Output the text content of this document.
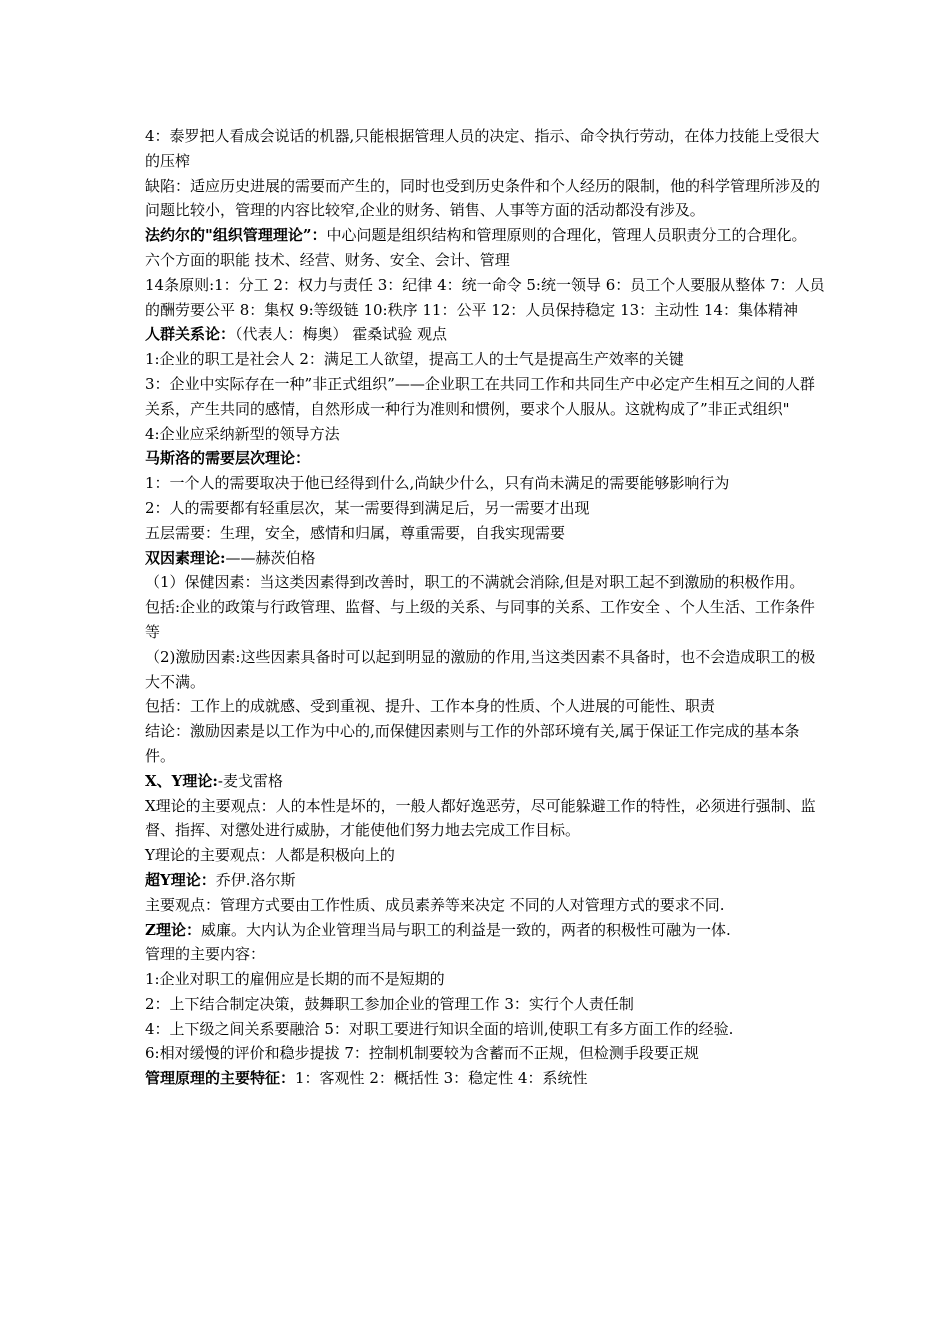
4：泰罗把人看成会说话的机器,只能根据管理人员的决定、指示、命令执行劳动，在体力技能上受很大的压榨

缺陷：适应历史进展的需要而产生的，同时也受到历史条件和个人经历的限制，他的科学管理所涉及的问题比较小，管理的内容比较窄,企业的财务、销售、人事等方面的活动都没有涉及。

法约尔的"组织管理理论”：中心问题是组织结构和管理原则的合理化，管理人员职责分工的合理化。

六个方面的职能 技术、经营、财务、安全、会计、管理

14条原则:1：分工 2：权力与责任 3：纪律 4：统一命令 5:统一领导 6：员工个人要服从整体 7：人员的酬劳要公平 8：集权 9:等级链 10:秩序 11：公平 12：人员保持稳定 13：主动性 14：集体精神

人群关系论：（代表人：梅奥） 霍桑试验 观点

1:企业的职工是社会人 2：满足工人欲望，提高工人的士气是提高生产效率的关键

3：企业中实际存在一种”非正式组织”——企业职工在共同工作和共同生产中必定产生相互之间的人群关系，产生共同的感情，自然形成一种行为准则和惯例，要求个人服从。这就构成了”非正式组织"

4:企业应采纳新型的领导方法

马斯洛的需要层次理论：

1：一个人的需要取决于他已经得到什么,尚缺少什么，只有尚未满足的需要能够影响行为

2：人的需要都有轻重层次，某一需要得到满足后，另一需要才出现

五层需要：生理，安全，感情和归属，尊重需要，自我实现需要

双因素理论:——赫茨伯格

（1）保健因素：当这类因素得到改善时，职工的不满就会消除,但是对职工起不到激励的积极作用。

包括:企业的政策与行政管理、监督、与上级的关系、与同事的关系、工作安全 、个人生活、工作条件等

（2)激励因素:这些因素具备时可以起到明显的激励的作用,当这类因素不具备时，也不会造成职工的极大不满。

包括：工作上的成就感、受到重视、提升、工作本身的性质、个人进展的可能性、职责

结论：激励因素是以工作为中心的,而保健因素则与工作的外部环境有关,属于保证工作完成的基本条件。

X、Y理论:-麦戈雷格

X理论的主要观点：人的本性是坏的，一般人都好逸恶劳，尽可能躲避工作的特性，必须进行强制、监督、指挥、对懲处进行威胁，才能使他们努力地去完成工作目标。

Y理论的主要观点：人都是积极向上的

超Y理论：乔伊.洛尔斯

主要观点：管理方式要由工作性质、成员素养等来决定 不同的人对管理方式的要求不同.

Z理论：威廉。大内认为企业管理当局与职工的利益是一致的，两者的积极性可融为一体.

管理的主要内容：

1:企业对职工的雇佣应是长期的而不是短期的

2：上下结合制定决策，鼓舞职工参加企业的管理工作 3：实行个人责任制

4：上下级之间关系要融洽 5：对职工要进行知识全面的培训,使职工有多方面工作的经验.

6:相对缓慢的评价和稳步提拔 7：控制机制要较为含蓄而不正规，但检测手段要正规

管理原理的主要特征：1：客观性 2：概括性 3：稳定性 4：系统性
